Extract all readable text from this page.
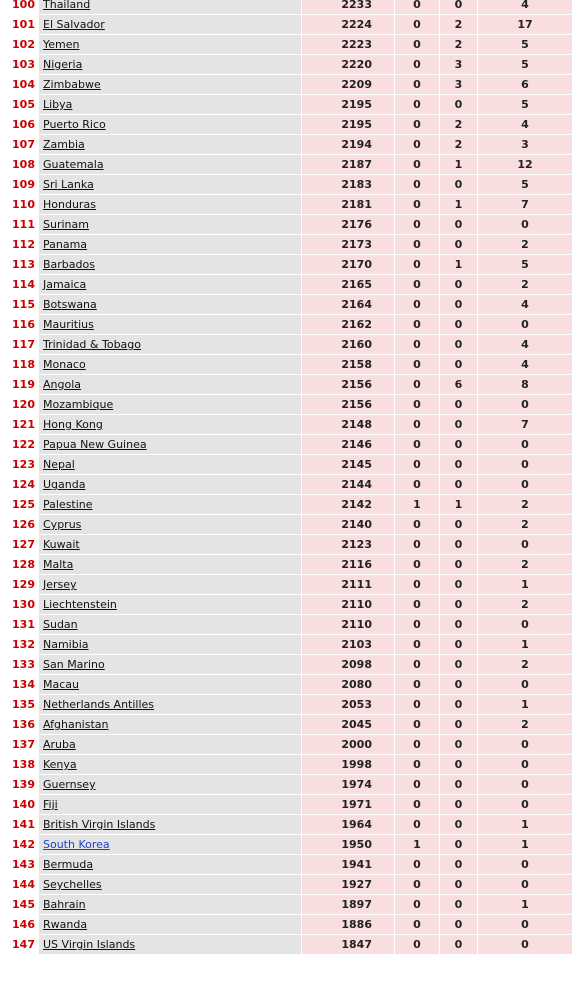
100	Thailand	2233	0	0	4
101	El Salvador	2224	0	2	17
102	Yemen	2223	0	2	5
103	Nigeria	2220	0	3	5
104	Zimbabwe	2209	0	3	6
105	Libya	2195	0	0	5
106	Puerto Rico	2195	0	2	4
107	Zambia	2194	0	2	3
108	Guatemala	2187	0	1	12
109	Sri Lanka	2183	0	0	5
110	Honduras	2181	0	1	7
111	Surinam	2176	0	0	0
112	Panama	2173	0	0	2
113	Barbados	2170	0	1	5
114	Jamaica	2165	0	0	2
115	Botswana	2164	0	0	4
116	Mauritius	2162	0	0	0
117	Trinidad & Tobago	2160	0	0	4
118	Monaco	2158	0	0	4
119	Angola	2156	0	6	8
120	Mozambique	2156	0	0	0
121	Hong Kong	2148	0	0	7
122	Papua New Guinea	2146	0	0	0
123	Nepal	2145	0	0	0
124	Uganda	2144	0	0	0
125	Palestine	2142	1	1	2
126	Cyprus	2140	0	0	2
127	Kuwait	2123	0	0	0
128	Malta	2116	0	0	2
129	Jersey	2111	0	0	1
130	Liechtenstein	2110	0	0	2
131	Sudan	2110	0	0	0
132	Namibia	2103	0	0	1
133	San Marino	2098	0	0	2
134	Macau	2080	0	0	0
135	Netherlands Antilles	2053	0	0	1
136	Afghanistan	2045	0	0	2
137	Aruba	2000	0	0	0
138	Kenya	1998	0	0	0
139	Guernsey	1974	0	0	0
140	Fiji	1971	0	0	0
141	British Virgin Islands	1964	0	0	1
142	South Korea	1950	1	0	1
143	Bermuda	1941	0	0	0
144	Seychelles	1927	0	0	0
145	Bahrain	1897	0	0	1
146	Rwanda	1886	0	0	0
147	US Virgin Islands	1847	0	0	0
